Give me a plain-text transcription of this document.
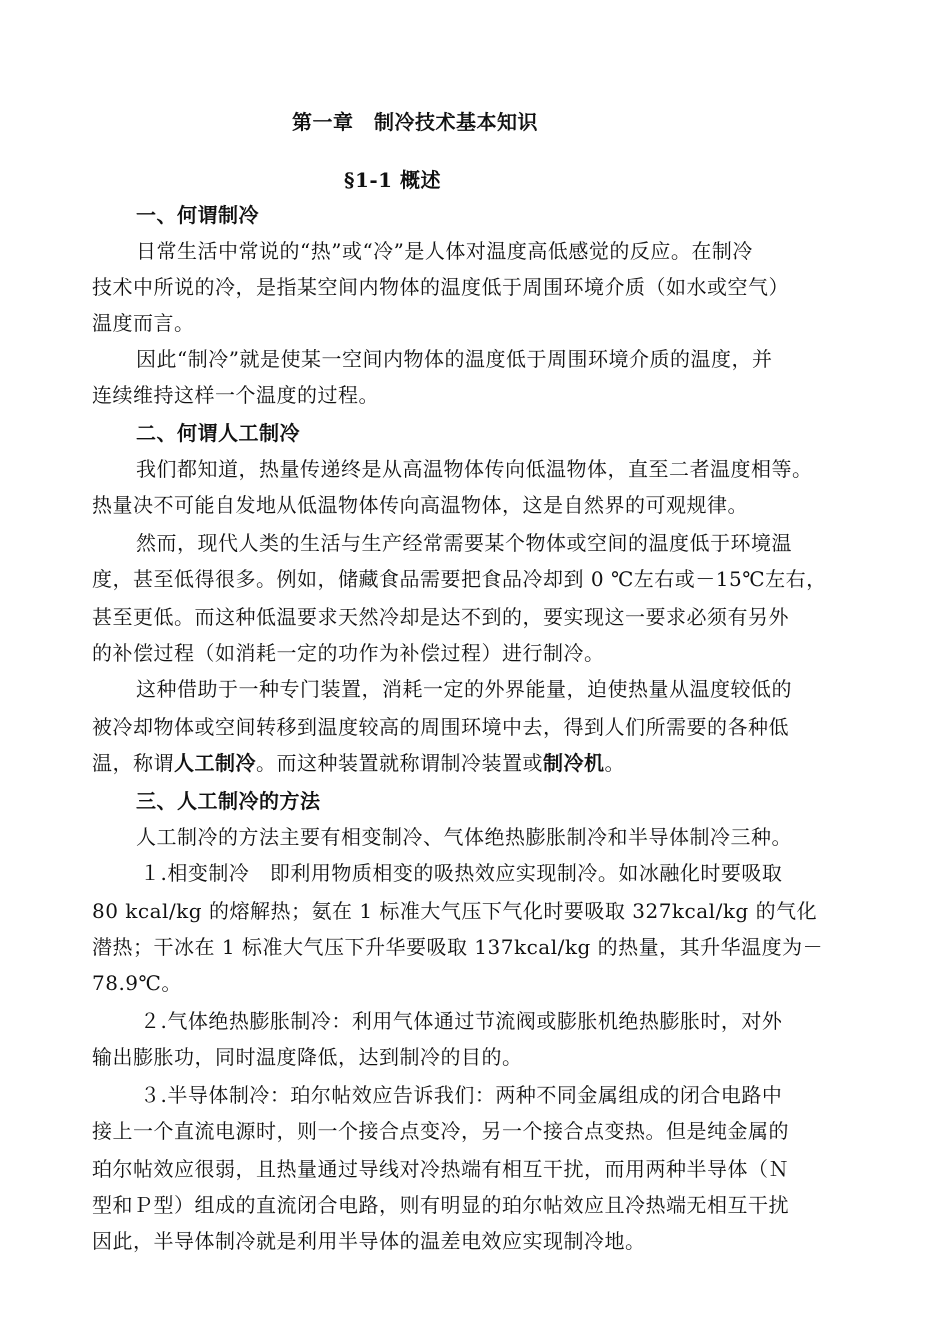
第一章　制冷技术基本知识
§1-1 概述
一、何谓制冷
日常生活中常说的“热”或“冷”是人体对温度高低感觉的反应。在制冷
技术中所说的冷，是指某空间内物体的温度低于周围环境介质（如水或空气）
温度而言。
因此“制冷”就是使某一空间内物体的温度低于周围环境介质的温度，并
连续维持这样一个温度的过程。
二、何谓人工制冷
我们都知道，热量传递终是从高温物体传向低温物体，直至二者温度相等。
热量决不可能自发地从低温物体传向高温物体，这是自然界的可观规律。
然而，现代人类的生活与生产经常需要某个物体或空间的温度低于环境温
度，甚至低得很多。例如，储藏食品需要把食品冷却到 0 ℃左右或－15℃左右，
甚至更低。而这种低温要求天然冷却是达不到的，要实现这一要求必须有另外
的补偿过程（如消耗一定的功作为补偿过程）进行制冷。
这种借助于一种专门装置，消耗一定的外界能量，迫使热量从温度较低的
被冷却物体或空间转移到温度较高的周围环境中去，得到人们所需要的各种低
温，称谓人工制冷。而这种装置就称谓制冷装置或制冷机。
三、人工制冷的方法
人工制冷的方法主要有相变制冷、气体绝热膨胀制冷和半导体制冷三种。
１.相变制冷　即利用物质相变的吸热效应实现制冷。如冰融化时要吸取
80 kcal/kg 的熔解热；氨在 1 标准大气压下气化时要吸取 327kcal/kg 的气化
潜热；干冰在 1 标准大气压下升华要吸取 137kcal/kg 的热量，其升华温度为－
78.9℃。
２.气体绝热膨胀制冷：利用气体通过节流阀或膨胀机绝热膨胀时，对外
输出膨胀功，同时温度降低，达到制冷的目的。
３.半导体制冷：珀尔帖效应告诉我们：两种不同金属组成的闭合电路中
接上一个直流电源时，则一个接合点变冷，另一个接合点变热。但是纯金属的
珀尔帖效应很弱，且热量通过导线对冷热端有相互干扰，而用两种半导体（Ｎ
型和Ｐ型）组成的直流闭合电路，则有明显的珀尔帖效应且冷热端无相互干扰
因此，半导体制冷就是利用半导体的温差电效应实现制冷地。
